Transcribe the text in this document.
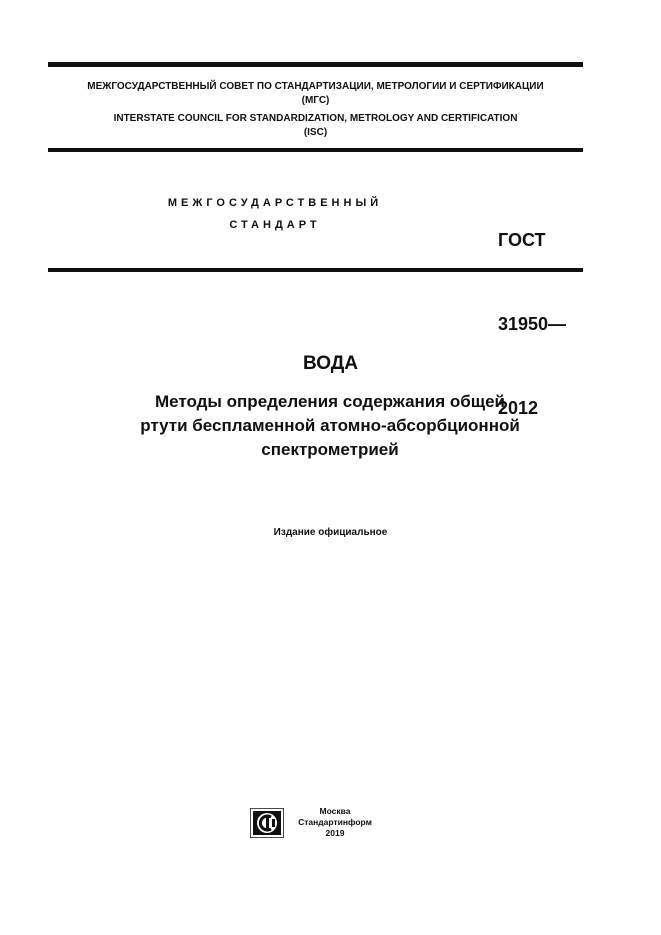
МЕЖГОСУДАРСТВЕННЫЙ СОВЕТ ПО СТАНДАРТИЗАЦИИ, МЕТРОЛОГИИ И СЕРТИФИКАЦИИ
(МГС)
INTERSTATE COUNCIL FOR STANDARDIZATION, METROLOGY AND CERTIFICATION
(ISC)
МЕЖГОСУДАРСТВЕННЫЙ
СТАНДАРТ

ГОСТ

31950—

2012

ВОДА
Методы определения содержания общей
ртути беспламенной атомно-абсорбционной
спектрометрией
Издание официальное
Москва
Стандартинформ
2019
